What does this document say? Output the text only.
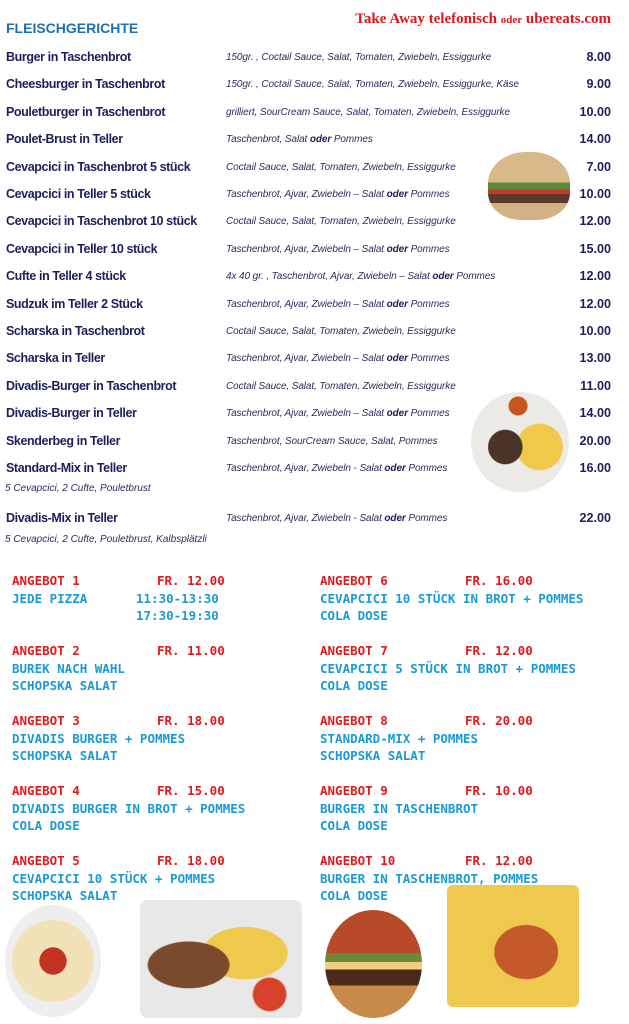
FLEISCHGERICHTE
Take Away telefonisch oder ubereats.com
Burger in Taschenbrot	150gr. , Coctail Sauce, Salat, Tomaten, Zwiebeln, Essiggurke	8.00
Cheesburger in Taschenbrot	150gr. , Coctail Sauce, Salat, Tomaten, Zwiebeln, Essiggurke, Käse	9.00
Pouletburger in Taschenbrot	grilliert, SourCream Sauce, Salat, Tomaten, Zwiebeln, Essiggurke	10.00
Poulet-Brust in Teller	Taschenbrot, Salat oder Pommes	14.00
Cevapcici in Taschenbrot 5 stück	Coctail Sauce, Salat, Tomaten, Zwiebeln, Essiggurke	7.00
Cevapcici in Teller 5 stück	Taschenbrot, Ajvar, Zwiebeln – Salat oder Pommes	10.00
Cevapcici in Taschenbrot 10 stück	Coctail Sauce, Salat, Tomaten, Zwiebeln, Essiggurke	12.00
Cevapcici in Teller 10 stück	Taschenbrot, Ajvar, Zwiebeln – Salat oder Pommes	15.00
Cufte in Teller 4 stück	4x 40 gr. , Taschenbrot, Ajvar, Zwiebeln – Salat oder Pommes	12.00
Sudzuk im Teller 2 Stück	Taschenbrot, Ajvar, Zwiebeln – Salat oder Pommes	12.00
Scharska in Taschenbrot	Coctail Sauce, Salat, Tomaten, Zwiebeln, Essiggurke	10.00
Scharska in Teller	Taschenbrot, Ajvar, Zwiebeln – Salat oder Pommes	13.00
Divadis-Burger in Taschenbrot	Coctail Sauce, Salat, Tomaten, Zwiebeln, Essiggurke	11.00
Divadis-Burger in Teller	Taschenbrot, Ajvar, Zwiebeln – Salat oder Pommes	14.00
Skenderbeg in Teller	Taschenbrot, SourCream Sauce, Salat, Pommes	20.00
Standard-Mix in Teller	Taschenbrot, Ajvar, Zwiebeln - Salat oder Pommes	16.00
5 Cevapcici, 2 Cufte, Pouletbrust
Divadis-Mix in Teller	Taschenbrot, Ajvar, Zwiebeln - Salat oder Pommes	22.00
5 Cevapcici, 2 Cufte, Pouletbrust, Kalbsplätzli
ANGEBOT 1	FR. 12.00
JEDE PIZZA	11:30-13:30
17:30-19:30
ANGEBOT 6	FR. 16.00
CEVAPCICI 10 STÜCK IN BROT + POMMES
COLA DOSE
ANGEBOT 2	FR. 11.00
BUREK NACH WAHL
SCHOPSKA SALAT
ANGEBOT 7	FR. 12.00
CEVAPCICI 5 STÜCK IN BROT + POMMES
COLA DOSE
ANGEBOT 3	FR. 18.00
DIVADIS BURGER + POMMES
SCHOPSKA SALAT
ANGEBOT 8	FR. 20.00
STANDARD-MIX + POMMES
SCHOPSKA SALAT
ANGEBOT 4	FR. 15.00
DIVADIS BURGER IN BROT + POMMES
COLA DOSE
ANGEBOT 9	FR. 10.00
BURGER IN TASCHENBROT
COLA DOSE
ANGEBOT 5	FR. 18.00
CEVAPCICI 10 STÜCK + POMMES
SCHOPSKA SALAT
ANGEBOT 10	FR. 12.00
BURGER IN TASCHENBROT, POMMES
COLA DOSE
